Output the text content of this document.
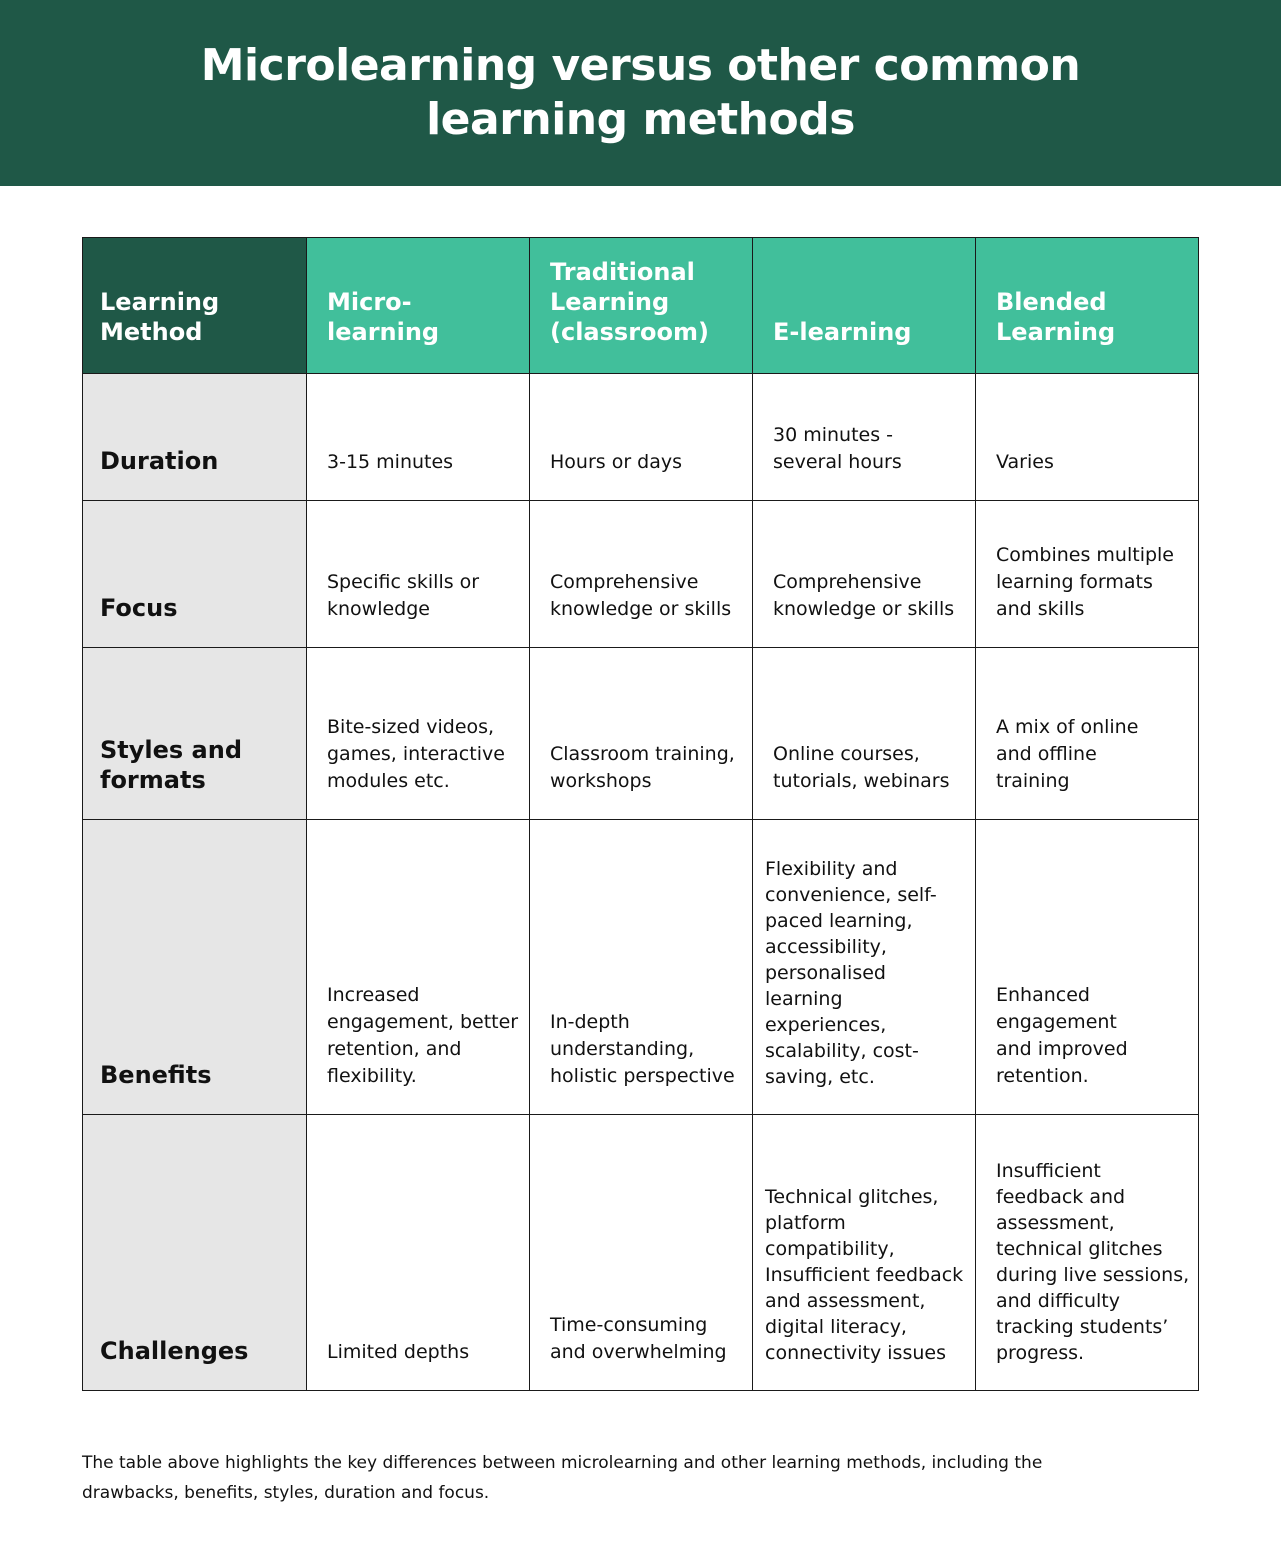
Microlearning versus other common learning methods
Learning Method	Micro-learning	Traditional Learning (classroom)	E-learning	Blended Learning
Duration	3-15 minutes	Hours or days	30 minutes -several hours	Varies
Focus	Specific skills or knowledge	Comprehensive knowledge or skills	Comprehensive knowledge or skills	Combines multiple learning formats and skills
Styles and formats	Bite-sized videos, games, interactive modules etc.	Classroom training, workshops	Online courses, tutorials, webinars	A mix of online and offline training
Benefits	Increased engagement, better retention, and flexibility.	In-depth understanding, holistic perspective	Flexibility and convenience, self-paced learning, accessibility, personalised learning experiences, scalability, cost-saving, etc.	Enhanced engagement and improved retention.
Challenges	Limited depths	Time-consuming and overwhelming	Technical glitches, platform compatibility, Insufficient feedback and assessment, digital literacy, connectivity issues	Insufficient feedback and assessment, technical glitches during live sessions, and difficulty tracking students’ progress.
The table above highlights the key differences between microlearning and other learning methods, including the drawbacks, benefits, styles, duration and focus.
